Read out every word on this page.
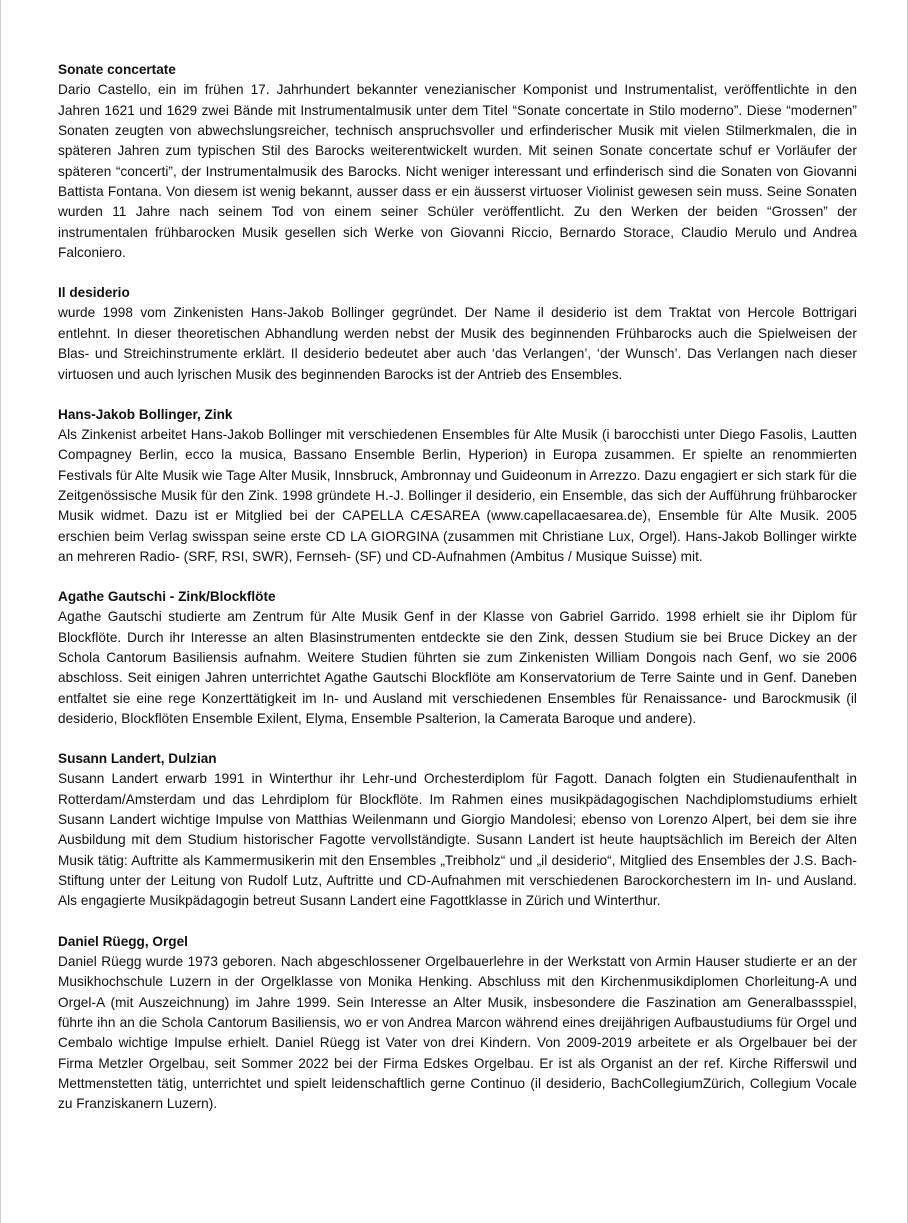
Sonate concertate

Dario Castello, ein im frühen 17. Jahrhundert bekannter venezianischer Komponist und Instrumentalist, veröffentlichte in den Jahren 1621 und 1629 zwei Bände mit Instrumentalmusik unter dem Titel “Sonate concertate in Stilo moderno”. Diese “modernen” Sonaten zeugten von abwechslungsreicher, technisch anspruchsvoller und erfinderischer Musik mit vielen Stilmerkmalen, die in späteren Jahren zum typischen Stil des Barocks weiterentwickelt wurden. Mit seinen Sonate concertate schuf er Vorläufer der späteren “concerti”, der Instrumentalmusik des Barocks. Nicht weniger interessant und erfinderisch sind die Sonaten von Giovanni Battista Fontana. Von diesem ist wenig bekannt, ausser dass er ein äusserst virtuoser Violinist gewesen sein muss. Seine Sonaten wurden 11 Jahre nach seinem Tod von einem seiner Schüler veröffentlicht. Zu den Werken der beiden “Grossen” der instrumentalen frühbarocken Musik gesellen sich Werke von Giovanni Riccio, Bernardo Storace, Claudio Merulo und Andrea Falconiero.

Il desiderio

wurde 1998 vom Zinkenisten Hans-Jakob Bollinger gegründet. Der Name il desiderio ist dem Traktat von Hercole Bottrigari entlehnt. In dieser theoretischen Abhandlung werden nebst der Musik des beginnenden Frühbarocks auch die Spielweisen der Blas- und Streichinstrumente erklärt. Il desiderio bedeutet aber auch ‘das Verlangen’, ‘der Wunsch’. Das Verlangen nach dieser virtuosen und auch lyrischen Musik des beginnenden Barocks ist der Antrieb des Ensembles.

Hans-Jakob Bollinger, Zink

Als Zinkenist arbeitet Hans-Jakob Bollinger mit verschiedenen Ensembles für Alte Musik (i barocchisti unter Diego Fasolis, Lautten Compagney Berlin, ecco la musica, Bassano Ensemble Berlin, Hyperion) in Europa zusammen. Er spielte an renommierten Festivals für Alte Musik wie Tage Alter Musik, Innsbruck, Ambronnay und Guideonum in Arrezzo. Dazu engagiert er sich stark für die Zeitgenössische Musik für den Zink. 1998 gründete H.-J. Bollinger il desiderio, ein Ensemble, das sich der Aufführung frühbarocker Musik widmet. Dazu ist er Mitglied bei der CAPELLA CÆSAREA (www.capellacaesarea.de), Ensemble für Alte Musik. 2005 erschien beim Verlag swisspan seine erste CD LA GIORGINA (zusammen mit Christiane Lux, Orgel). Hans-Jakob Bollinger wirkte an mehreren Radio- (SRF, RSI, SWR), Fernseh- (SF) und CD-Aufnahmen (Ambitus / Musique Suisse) mit.

Agathe Gautschi - Zink/Blockflöte

Agathe Gautschi studierte am Zentrum für Alte Musik Genf in der Klasse von Gabriel Garrido. 1998 erhielt sie ihr Diplom für Blockflöte. Durch ihr Interesse an alten Blasinstrumenten entdeckte sie den Zink, dessen Studium sie bei Bruce Dickey an der Schola Cantorum Basiliensis aufnahm. Weitere Studien führten sie zum Zinkenisten William Dongois nach Genf, wo sie 2006 abschloss. Seit einigen Jahren unterrichtet Agathe Gautschi Blockflöte am Konservatorium de Terre Sainte und in Genf. Daneben entfaltet sie eine rege Konzerttätigkeit im In- und Ausland mit verschiedenen Ensembles für Renaissance- und Barockmusik (il desiderio, Blockflöten Ensemble Exilent, Elyma, Ensemble Psalterion, la Camerata Baroque und andere).

Susann Landert, Dulzian

Susann Landert erwarb 1991 in Winterthur ihr Lehr-und Orchesterdiplom für Fagott. Danach folgten ein Studienaufenthalt in Rotterdam/Amsterdam und das Lehrdiplom für Blockflöte. Im Rahmen eines musikpädagogischen Nachdiplomstudiums erhielt Susann Landert wichtige Impulse von Matthias Weilenmann und Giorgio Mandolesi; ebenso von Lorenzo Alpert, bei dem sie ihre Ausbildung mit dem Studium historischer Fagotte vervollständigte. Susann Landert ist heute hauptsächlich im Bereich der Alten Musik tätig: Auftritte als Kammermusikerin mit den Ensembles „Treibholz“ und „il desiderio“, Mitglied des Ensembles der J.S. Bach- Stiftung unter der Leitung von Rudolf Lutz, Auftritte und CD-Aufnahmen mit verschiedenen Barockorchestern im In- und Ausland. Als engagierte Musikpädagogin betreut Susann Landert eine Fagottklasse in Zürich und Winterthur.

Daniel Rüegg, Orgel

Daniel Rüegg wurde 1973 geboren. Nach abgeschlossener Orgelbauerlehre in der Werkstatt von Armin Hauser studierte er an der Musikhochschule Luzern in der Orgelklasse von Monika Henking. Abschluss mit den Kirchenmusikdiplomen Chorleitung-A und Orgel-A (mit Auszeichnung) im Jahre 1999. Sein Interesse an Alter Musik, insbesondere die Faszination am Generalbassspiel, führte ihn an die Schola Cantorum Basiliensis, wo er von Andrea Marcon während eines dreijährigen Aufbaustudiums für Orgel und Cembalo wichtige Impulse erhielt. Daniel Rüegg ist Vater von drei Kindern. Von 2009-2019 arbeitete er als Orgelbauer bei der Firma Metzler Orgelbau, seit Sommer 2022 bei der Firma Edskes Orgelbau. Er ist als Organist an der ref. Kirche Rifferswil und Mettmenstetten tätig, unterrichtet und spielt leidenschaftlich gerne Continuo (il desiderio, BachCollegiumZürich, Collegium Vocale zu Franziskanern Luzern).
